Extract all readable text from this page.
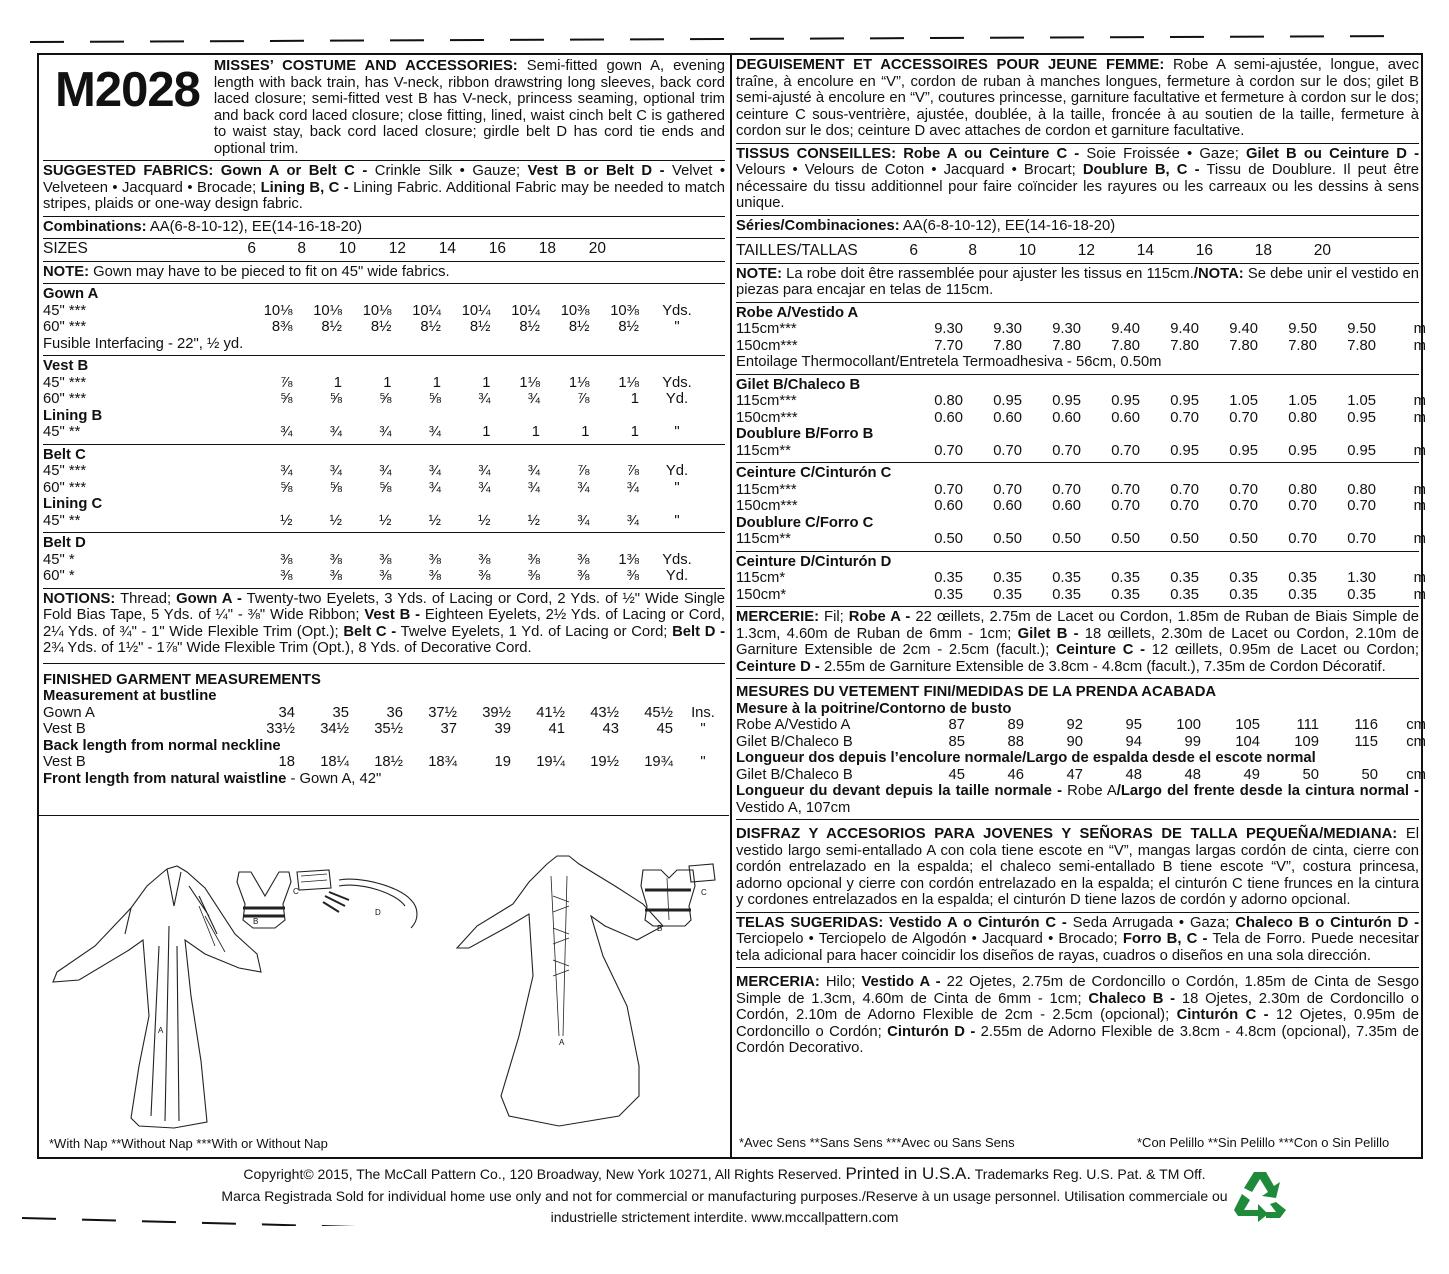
M2028 MISSES’ COSTUME AND ACCESSORIES: Semi-fitted gown A, evening length with back train, has V-neck, ribbon drawstring long sleeves, back cord laced closure; semi-fitted vest B has V-neck, princess seaming, optional trim and back cord laced closure; close fitting, lined, waist cinch belt C is gathered to waist stay, back cord laced closure; girdle belt D has cord tie ends and optional trim.
SUGGESTED FABRICS: Gown A or Belt C - Crinkle Silk • Gauze; Vest B or Belt D - Velvet • Velveteen • Jacquard • Brocade; Lining B, C - Lining Fabric. Additional Fabric may be needed to match stripes, plaids or one-way design fabric.
Combinations: AA(6-8-10-12), EE(14-16-18-20)
SIZES	6	8	10	12	14	16	18	20
NOTE: Gown may have to be pieced to fit on 45" wide fabrics.
Gown A
45" ***	10⅛	10⅛	10⅛	10¼	10¼	10¼	10⅜	10⅜	Yds.
60" ***	8⅜	8½	8½	8½	8½	8½	8½	8½	"
Fusible Interfacing - 22", ½ yd.
Vest B
45" ***	⅞	1	1	1	1	1⅛	1⅛	1⅛	Yds.
60" ***	⅝	⅝	⅝	⅝	¾	¾	⅞	1	Yd.
Lining B
45" **	¾	¾	¾	¾	1	1	1	1	"
Belt C
45" ***	¾	¾	¾	¾	¾	¾	⅞	⅞	Yd.
60" ***	⅝	⅝	⅝	¾	¾	¾	¾	¾	"
Lining C
45" **	½	½	½	½	½	½	¾	¾	"
Belt D
45" *	⅜	⅜	⅜	⅜	⅜	⅜	⅜	1⅜	Yds.
60" *	⅜	⅜	⅜	⅜	⅜	⅜	⅜	⅜	Yd.
NOTIONS: Thread; Gown A - Twenty-two Eyelets, 3 Yds. of Lacing or Cord, 2 Yds. of ½" Wide Single Fold Bias Tape, 5 Yds. of ¼" - ⅜" Wide Ribbon; Vest B - Eighteen Eyelets, 2½ Yds. of Lacing or Cord, 2¼ Yds. of ¾" - 1" Wide Flexible Trim (Opt.); Belt C - Twelve Eyelets, 1 Yd. of Lacing or Cord; Belt D - 2¾ Yds. of 1½" - 1⅞" Wide Flexible Trim (Opt.), 8 Yds. of Decorative Cord.
FINISHED GARMENT MEASUREMENTS
Measurement at bustline
Gown A	34	35	36	37½	39½	41½	43½	45½	Ins.
Vest B	33½	34½	35½	37	39	41	43	45	"
Back length from normal neckline
Vest B	18	18¼	18½	18¾	19	19¼	19½	19¾	"
Front length from natural waistline - Gown A, 42"
A
B
C
D
A
B
C
*With Nap **Without Nap ***With or Without Nap
DEGUISEMENT ET ACCESSOIRES POUR JEUNE FEMME: Robe A semi-ajustée, longue, avec traîne, à encolure en “V”, cordon de ruban à manches longues, fermeture à cordon sur le dos; gilet B semi-ajusté à encolure en “V”, coutures princesse, garniture facultative et fermeture à cordon sur le dos; ceinture C sous-ventrière, ajustée, doublée, à la taille, froncée à au soutien de la taille, fermeture à cordon sur le dos; ceinture D avec attaches de cordon et garniture facultative.
TISSUS CONSEILLES: Robe A ou Ceinture C - Soie Froissée • Gaze; Gilet B ou Ceinture D - Velours • Velours de Coton • Jacquard • Brocart; Doublure B, C - Tissu de Doublure. Il peut être nécessaire du tissu additionnel pour faire coïncider les rayures ou les carreaux ou les dessins à sens unique.
Séries/Combinaciones: AA(6-8-10-12), EE(14-16-18-20)
TAILLES/TALLAS	6	8	10	12	14	16	18	20
NOTE: La robe doit être rassemblée pour ajuster les tissus en 115cm./NOTA: Se debe unir el vestido en piezas para encajar en telas de 115cm.
Robe A/Vestido A
115cm***	9.30	9.30	9.30	9.40	9.40	9.40	9.50	9.50	m
150cm***	7.70	7.80	7.80	7.80	7.80	7.80	7.80	7.80	m
Entoilage Thermocollant/Entretela Termoadhesiva - 56cm, 0.50m
Gilet B/Chaleco B
115cm***	0.80	0.95	0.95	0.95	0.95	1.05	1.05	1.05	m
150cm***	0.60	0.60	0.60	0.60	0.70	0.70	0.80	0.95	m
Doublure B/Forro B
115cm**	0.70	0.70	0.70	0.70	0.95	0.95	0.95	0.95	m
Ceinture C/Cinturón C
115cm***	0.70	0.70	0.70	0.70	0.70	0.70	0.80	0.80	m
150cm***	0.60	0.60	0.60	0.70	0.70	0.70	0.70	0.70	m
Doublure C/Forro C
115cm**	0.50	0.50	0.50	0.50	0.50	0.50	0.70	0.70	m
Ceinture D/Cinturón D
115cm*	0.35	0.35	0.35	0.35	0.35	0.35	0.35	1.30	m
150cm*	0.35	0.35	0.35	0.35	0.35	0.35	0.35	0.35	m
MERCERIE: Fil; Robe A - 22 œillets, 2.75m de Lacet ou Cordon, 1.85m de Ruban de Biais Simple de 1.3cm, 4.60m de Ruban de 6mm - 1cm; Gilet B - 18 œillets, 2.30m de Lacet ou Cordon, 2.10m de Garniture Extensible de 2cm - 2.5cm (facult.); Ceinture C - 12 œillets, 0.95m de Lacet ou Cordon; Ceinture D - 2.55m de Garniture Extensible de 3.8cm - 4.8cm (facult.), 7.35m de Cordon Décoratif.
MESURES DU VETEMENT FINI/MEDIDAS DE LA PRENDA ACABADA
Mesure à la poitrine/Contorno de busto
Robe A/Vestido A	87	89	92	95	100	105	111	116	cm
Gilet B/Chaleco B	85	88	90	94	99	104	109	115	cm
Longueur dos depuis l’encolure normale/Largo de espalda desde el escote normal
Gilet B/Chaleco B	45	46	47	48	48	49	50	50	cm
Longueur du devant depuis la taille normale - Robe A/Largo del frente desde la cintura normal - Vestido A, 107cm
DISFRAZ Y ACCESORIOS PARA JOVENES Y SEÑORAS DE TALLA PEQUEÑA/MEDIANA: El vestido largo semi-entallado A con cola tiene escote en “V”, mangas largas cordón de cinta, cierre con cordón entrelazado en la espalda; el chaleco semi-entallado B tiene escote “V”, costura princesa, adorno opcional y cierre con cordón entrelazado en la espalda; el cinturón C tiene frunces en la cintura y cordones entrelazados en la espalda; el cinturón D tiene lazos de cordón y adorno opcional.
TELAS SUGERIDAS: Vestido A o Cinturón C - Seda Arrugada • Gaza; Chaleco B o Cinturón D - Terciopelo • Terciopelo de Algodón • Jacquard • Brocado; Forro B, C - Tela de Forro. Puede necesitar tela adicional para hacer coincidir los diseños de rayas, cuadros o diseños en una sola dirección.
MERCERIA: Hilo; Vestido A - 22 Ojetes, 2.75m de Cordoncillo o Cordón, 1.85m de Cinta de Sesgo Simple de 1.3cm, 4.60m de Cinta de 6mm - 1cm; Chaleco B - 18 Ojetes, 2.30m de Cordoncillo o Cordón, 2.10m de Adorno Flexible de 2cm - 2.5cm (opcional); Cinturón C - 12 Ojetes, 0.95m de Cordoncillo o Cordón; Cinturón D - 2.55m de Adorno Flexible de 3.8cm - 4.8cm (opcional), 7.35m de Cordón Decorativo.
*Avec Sens **Sans Sens ***Avec ou Sans Sens	*Con Pelillo **Sin Pelillo ***Con o Sin Pelillo
Copyright© 2015, The McCall Pattern Co., 120 Broadway, New York 10271, All Rights Reserved. Printed in U.S.A. Trademarks Reg. U.S. Pat. & TM Off.
Marca Registrada Sold for individual home use only and not for commercial or manufacturing purposes./Reserve à un usage personnel. Utilisation commerciale ou
industrielle strictement interdite. www.mccallpattern.com
